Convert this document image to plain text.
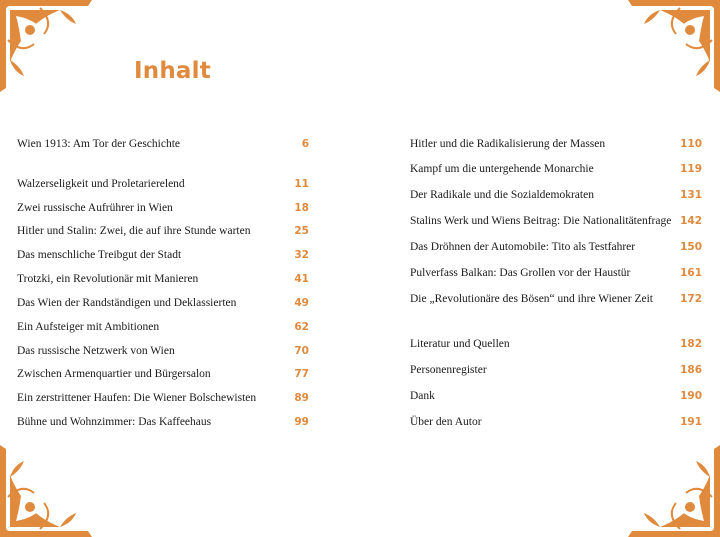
Inhalt
Wien 1913: Am Tor der Geschichte	6
Walzerseligkeit und Proletarierelend	11
Zwei russische Aufrührer in Wien	18
Hitler und Stalin: Zwei, die auf ihre Stunde warten	25
Das menschliche Treibgut der Stadt	32
Trotzki, ein Revolutionär mit Manieren	41
Das Wien der Randständigen und Deklassierten	49
Ein Aufsteiger mit Ambitionen	62
Das russische Netzwerk von Wien	70
Zwischen Armenquartier und Bürgersalon	77
Ein zerstrittener Haufen: Die Wiener Bolschewisten	89
Bühne und Wohnzimmer: Das Kaffeehaus	99
Hitler und die Radikalisierung der Massen	110
Kampf um die untergehende Monarchie	119
Der Radikale und die Sozialdemokraten	131
Stalins Werk und Wiens Beitrag: Die Nationalitätenfrage 142
Das Dröhnen der Automobile: Tito als Testfahrer	150
Pulverfass Balkan: Das Grollen vor der Haustür	161
Die „Revolutionäre des Bösen“ und ihre Wiener Zeit	172
Literatur und Quellen	182
Personenregister	186
Dank	190
Über den Autor	191
